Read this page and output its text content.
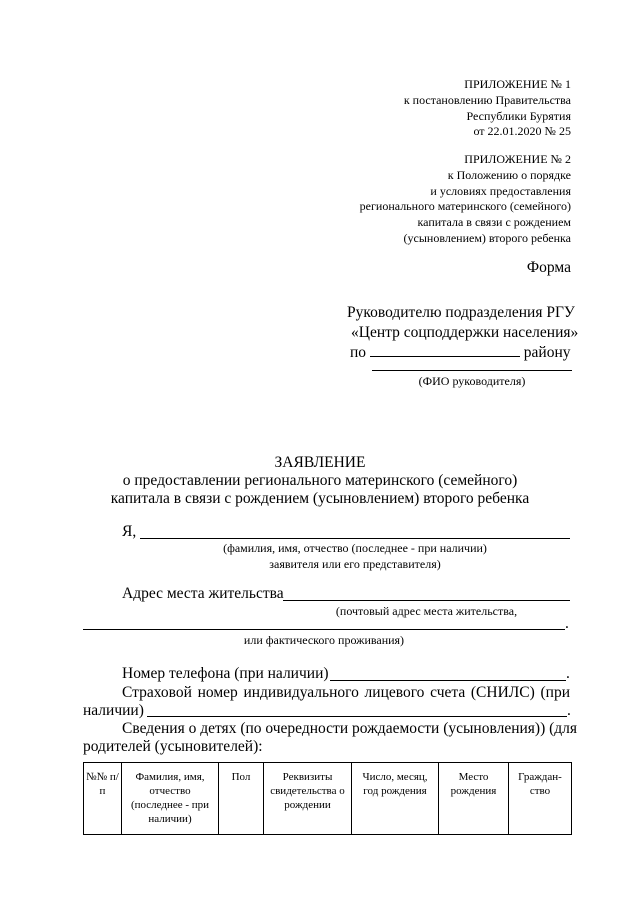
ПРИЛОЖЕНИЕ № 1
к постановлению Правительства
Республики Бурятия
от 22.01.2020 № 25
ПРИЛОЖЕНИЕ № 2
к Положению о порядке
и условиях предоставления
регионального материнского (семейного)
капитала в связи с рождением
(усыновлением) второго ребенка
Форма
Руководителю подразделения РГУ
«Центр соцподдержки населения»
по	району
(ФИО руководителя)
ЗАЯВЛЕНИЕ
о предоставлении регионального материнского (семейного)
капитала в связи с рождением (усыновлением) второго ребенка
Я,
(фамилия, имя, отчество (последнее - при наличии)
заявителя или его представителя)
Адрес места жительства
(почтовый адрес места жительства,
.
или фактического проживания)
Номер телефона (при наличии)	.
Страховой номер индивидуального лицевого счета (СНИЛС) (при
наличии)	.
Сведения о детях (по очередности рождаемости (усыновления)) (для
родителей (усыновителей):
№№ п/п	Фамилия, имя, отчество (последнее - при наличии)	Пол	Реквизиты свидетельства о рождении	Число, месяц, год рождения	Место рождения	Граждан-ство
